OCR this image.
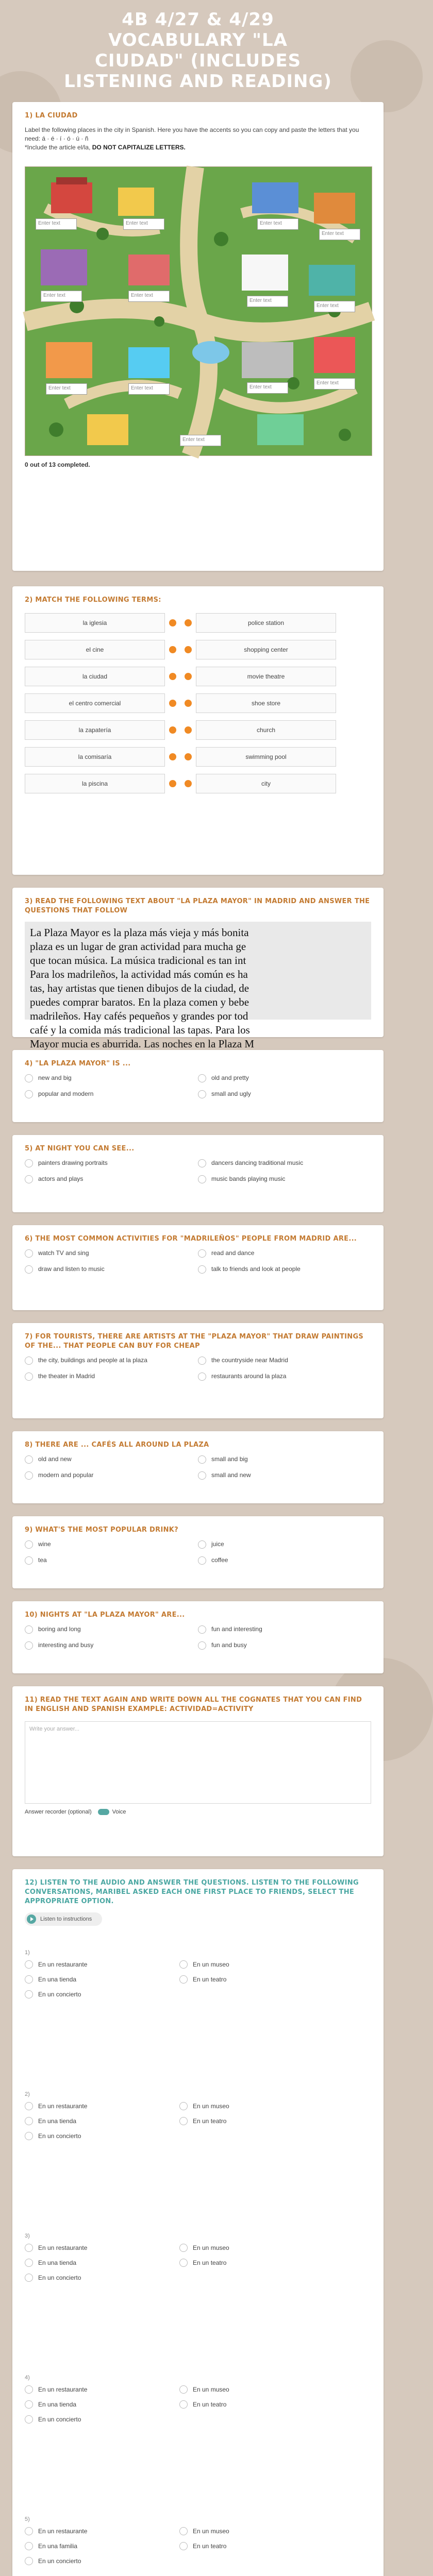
4B 4/27 & 4/29 VOCABULARY "LA CIUDAD" (INCLUDES LISTENING AND READING)
1) LA CIUDAD
Label the following places in the city in Spanish. Here you have the accents so you can copy and paste the letters that you need: á · é · í · ó · ú · ñ
*Include the article el/la, DO NOT CAPITALIZE LETTERS.
Enter text	Enter text	Enter text
Enter text
Enter text	Enter text
Enter text
Enter text
Enter text	Enter text	Enter text
Enter text
Enter text
0 out of 13 completed.
2) MATCH THE FOLLOWING TERMS:
la iglesia	police station
el cine	shopping center
la ciudad	movie theatre
el centro comercial	shoe store
la zapatería	church
la comisaría	swimming pool
la piscina	city
3) READ THE FOLLOWING TEXT ABOUT "LA PLAZA MAYOR" IN MADRID AND ANSWER THE QUESTIONS THAT FOLLOW
La Plaza Mayor es la plaza más vieja y más bonita
plaza es un lugar de gran actividad para mucha ge
que tocan música. La música tradicional es tan int
Para los madrileños, la actividad más común es ha
tas, hay artistas que tienen dibujos de la ciudad, de
puedes comprar baratos. En la plaza comen y bebe
madrileños. Hay cafés pequeños y grandes por tod
café y la comida más tradicional las tapas. Para los
Mayor mucia es aburrida. Las noches en la Plaza M
4) "LA PLAZA MAYOR" IS ...
new and big	old and pretty
popular and modern	small and ugly
5) AT NIGHT YOU CAN SEE...
painters drawing portraits	dancers dancing traditional music
actors and plays	music bands playing music
6) THE MOST COMMON ACTIVITIES FOR "MADRILEÑOS" PEOPLE FROM MADRID ARE...
watch TV and sing	read and dance
draw and listen to music	talk to friends and look at people
7) FOR TOURISTS, THERE ARE ARTISTS AT THE "PLAZA MAYOR" THAT DRAW PAINTINGS OF THE... THAT PEOPLE CAN BUY FOR CHEAP
the city, buildings and people at la plaza	the countryside near Madrid
the theater in Madrid	restaurants around la plaza
8) THERE ARE ... CAFÉS ALL AROUND LA PLAZA
old and new	small and big
modern and popular	small and new
9) WHAT'S THE MOST POPULAR DRINK?
wine	juice
tea	coffee
10) NIGHTS AT "LA PLAZA MAYOR" ARE...
boring and long	fun and interesting
interesting and busy	fun and busy
11) READ THE TEXT AGAIN AND WRITE DOWN ALL THE COGNATES THAT YOU CAN FIND IN ENGLISH AND SPANISH EXAMPLE: ACTIVIDAD=ACTIVITY
Write your answer...
Answer recorder (optional)	Voice
12) LISTEN TO THE AUDIO AND ANSWER THE QUESTIONS. LISTEN TO THE FOLLOWING CONVERSATIONS, MARIBEL ASKED EACH ONE FIRST PLACE TO FRIENDS, SELECT THE APPROPRIATE OPTION.
Listen to instructions
1)
En un restaurante
En una tienda
En un concierto
En un museo
En un teatro
2)
En un restaurante
En una tienda
En un concierto
En un museo
En un teatro
3)
En un restaurante
En una tienda
En un concierto
En un museo
En un teatro
4)
En un restaurante
En una tienda
En un concierto
En un museo
En un teatro
5)
En un restaurante
En una familia
En un concierto
En un museo
En un teatro
